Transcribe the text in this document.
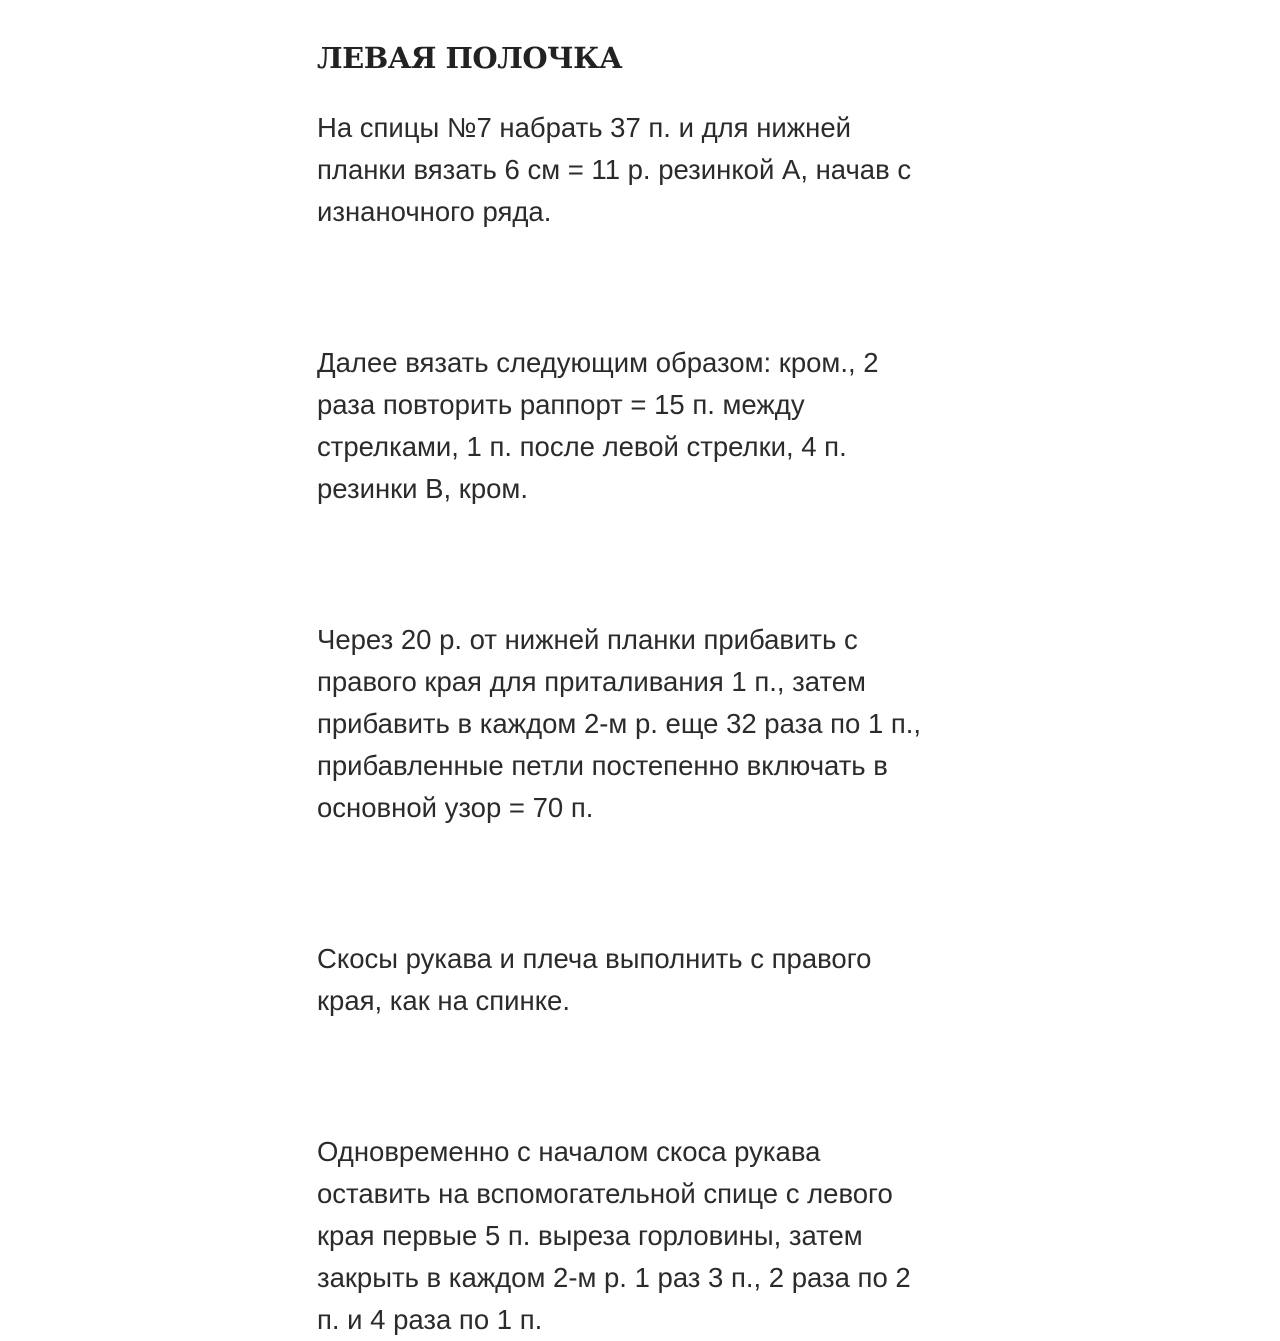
ЛЕВАЯ ПОЛОЧКА

На спицы №7 набрать 37 п. и для нижней
планки вязать 6 см = 11 р. резинкой А, начав с
изнаночного ряда.

Далее вязать следующим образом: кром., 2
раза повторить раппорт = 15 п. между
стрелками, 1 п. после левой стрелки, 4 п.
резинки В, кром.

Через 20 р. от нижней планки прибавить с
правого края для приталивания 1 п., затем
прибавить в каждом 2-м р. еще 32 раза по 1 п.,
прибавленные петли постепенно включать в
основной узор = 70 п.

Скосы рукава и плеча выполнить с правого
края, как на спинке.

Одновременно с началом скоса рукава
оставить на вспомогательной спице с левого
края первые 5 п. выреза горловины, затем
закрыть в каждом 2-м р. 1 раз 3 п., 2 раза по 2
п. и 4 раза по 1 п.
